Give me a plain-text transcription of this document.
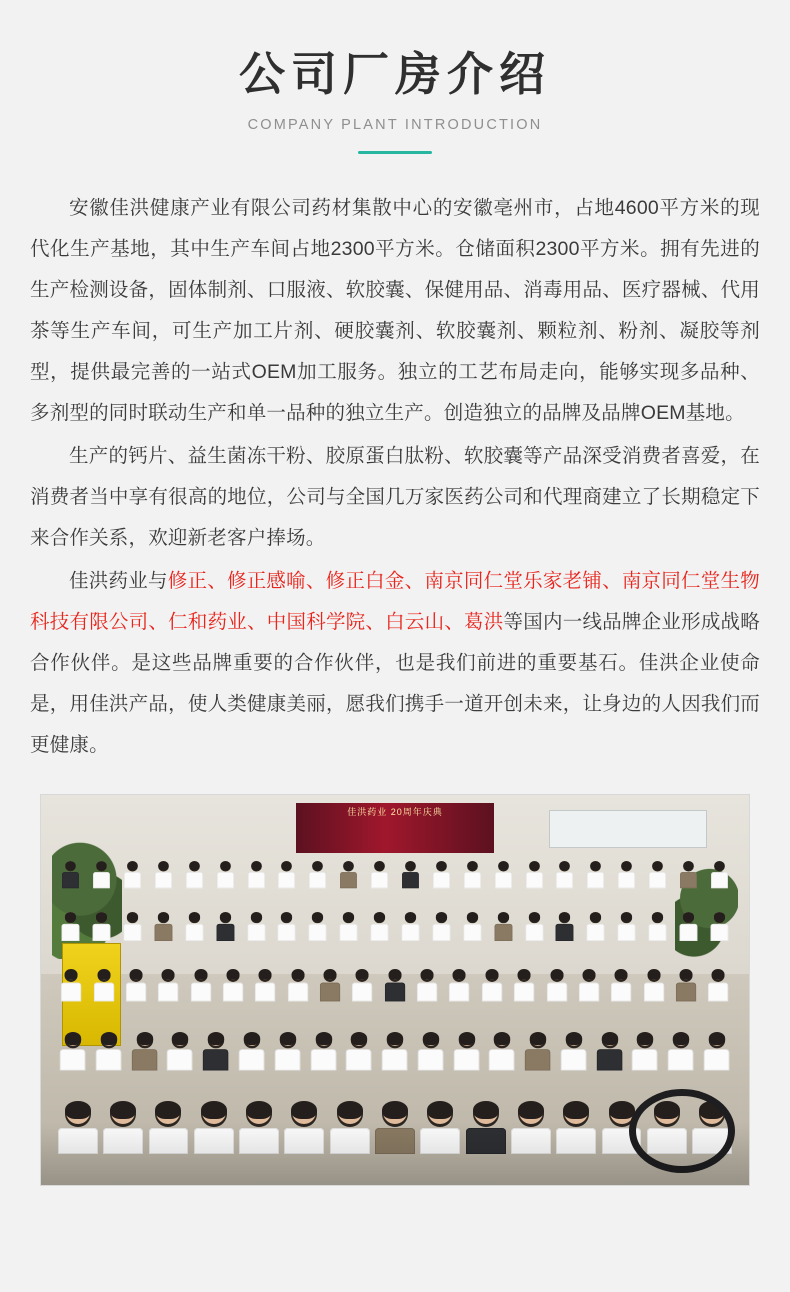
公司厂房介绍
COMPANY PLANT INTRODUCTION

安徽佳洪健康产业有限公司药材集散中心的安徽亳州市，占地4600平方米的现代化生产基地，其中生产车间占地2300平方米。仓储面积2300平方米。拥有先进的生产检测设备，固体制剂、口服液、软胶囊、保健用品、消毒用品、医疗器械、代用茶等生产车间，可生产加工片剂、硬胶囊剂、软胶囊剂、颗粒剂、粉剂、凝胶等剂型，提供最完善的一站式OEM加工服务。独立的工艺布局走向，能够实现多品种、多剂型的同时联动生产和单一品种的独立生产。创造独立的品牌及品牌OEM基地。

生产的钙片、益生菌冻干粉、胶原蛋白肽粉、软胶囊等产品深受消费者喜爱，在消费者当中享有很高的地位，公司与全国几万家医药公司和代理商建立了长期稳定下来合作关系，欢迎新老客户捧场。

佳洪药业与修正、修正感喻、修正白金、南京同仁堂乐家老铺、南京同仁堂生物科技有限公司、仁和药业、中国科学院、白云山、葛洪等国内一线品牌企业形成战略合作伙伴。是这些品牌重要的合作伙伴，也是我们前进的重要基石。佳洪企业使命是，用佳洪产品，使人类健康美丽，愿我们携手一道开创未来，让身边的人因我们而更健康。

佳洪药业 20周年庆典
